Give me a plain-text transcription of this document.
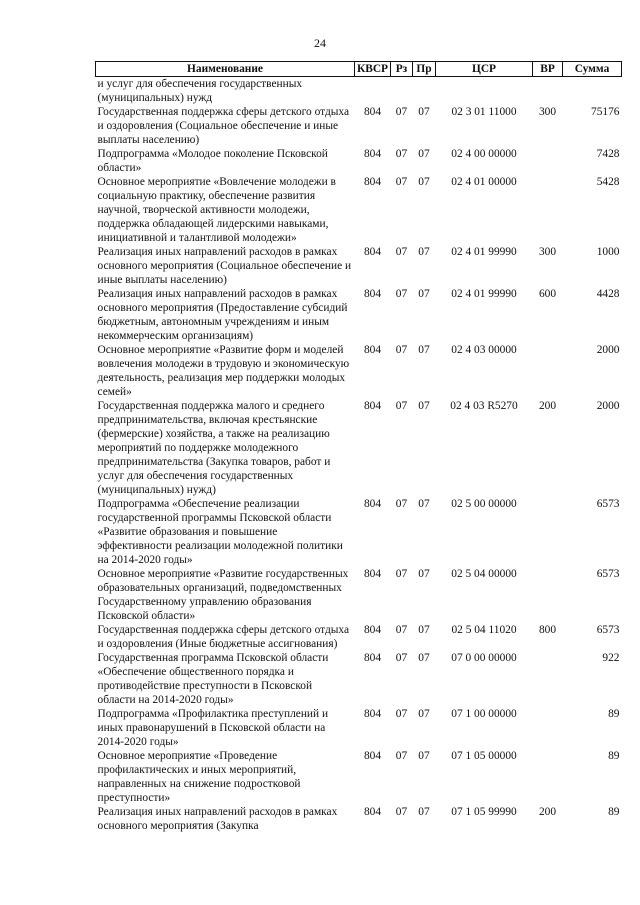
24
Наименование	КВСР	Рз	Пр	ЦСР	ВР	Сумма
и услуг для обеспечения государственных (муниципальных) нужд						
Государственная поддержка сферы детского отдыха и оздоровления (Социальное обеспечение и иные выплаты населению)	804	07	07	02 3 01 11000	300	75176
Подпрограмма «Молодое поколение Псковской области»	804	07	07	02 4 00 00000		7428
Основное мероприятие «Вовлечение молодежи в социальную практику, обеспечение развития научной, творческой активности молодежи, поддержка обладающей лидерскими навыками, инициативной и талантливой молодежи»	804	07	07	02 4 01 00000		5428
Реализация иных направлений расходов в рамках основного мероприятия (Социальное обеспечение и иные выплаты населению)	804	07	07	02 4 01 99990	300	1000
Реализация иных направлений расходов в рамках основного мероприятия (Предоставление субсидий бюджетным, автономным учреждениям и иным некоммерческим организациям)	804	07	07	02 4 01 99990	600	4428
Основное мероприятие «Развитие форм и моделей вовлечения молодежи в трудовую и экономическую деятельность, реализация мер поддержки молодых семей»	804	07	07	02 4 03 00000		2000
Государственная поддержка малого и среднего предпринимательства, включая крестьянские (фермерские) хозяйства, а также на реализацию мероприятий по поддержке молодежного предпринимательства (Закупка товаров, работ и услуг для обеспечения государственных (муниципальных) нужд)	804	07	07	02 4 03 R5270	200	2000
Подпрограмма «Обеспечение реализации государственной программы Псковской области «Развитие образования и повышение эффективности реализации молодежной политики на 2014-2020 годы»	804	07	07	02 5 00 00000		6573
Основное мероприятие «Развитие государственных образовательных организаций, подведомственных Государственному управлению образования Псковской области»	804	07	07	02 5 04 00000		6573
Государственная поддержка сферы детского отдыха и оздоровления (Иные бюджетные ассигнования)	804	07	07	02 5 04 11020	800	6573
Государственная программа Псковской области «Обеспечение общественного порядка и противодействие преступности в Псковской области на 2014-2020 годы»	804	07	07	07 0 00 00000		922
Подпрограмма «Профилактика преступлений и иных правонарушений в Псковской области на 2014-2020 годы»	804	07	07	07 1 00 00000		89
Основное мероприятие «Проведение профилактических и иных мероприятий, направленных на снижение подростковой преступности»	804	07	07	07 1 05 00000		89
Реализация иных направлений расходов в рамках основного мероприятия (Закупка	804	07	07	07 1 05 99990	200	89
